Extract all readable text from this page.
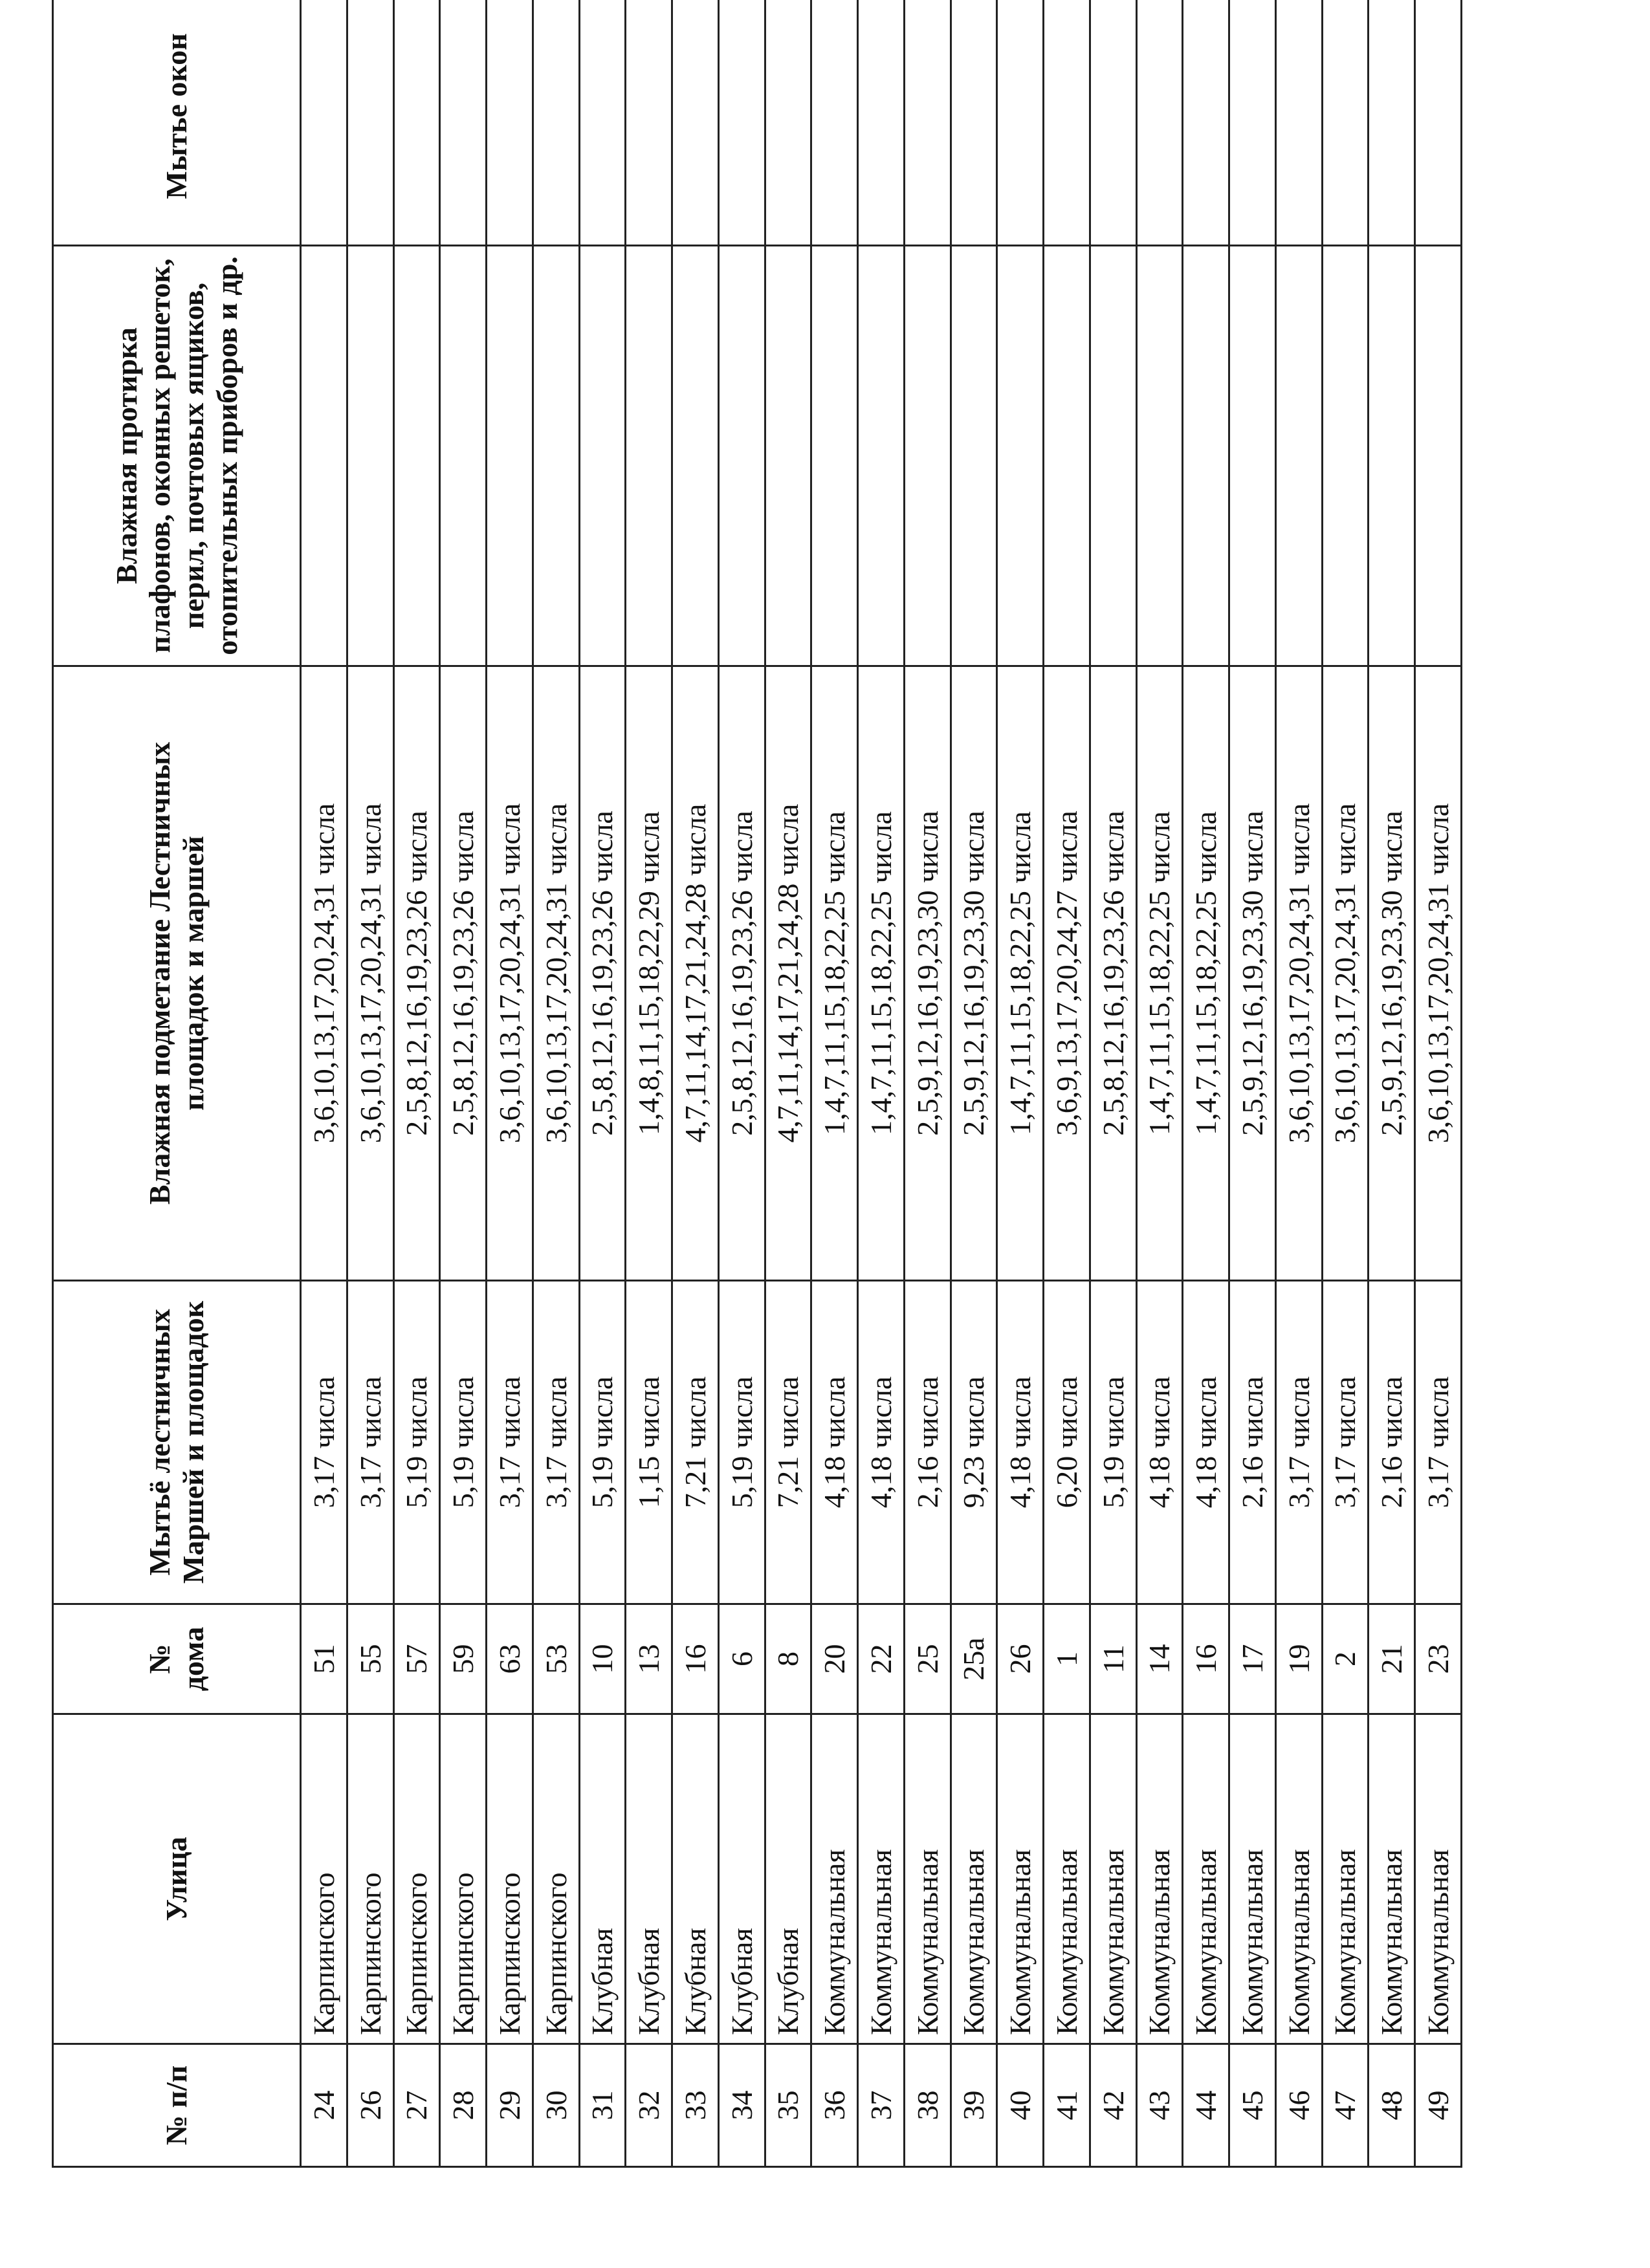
№ п/п	Улица	№ дома	Мытьё лестничных Маршей и площадок	Влажная подметание Лестничных площадок и маршей	Влажная протирка плафонов, оконных решеток, перил, почтовых ящиков, отопительных приборов и др.	Мытье окон
24	Карпинского	51	3,17 числа	3,6,10,13,17,20,24,31 числа		
26	Карпинского	55	3,17 числа	3,6,10,13,17,20,24,31 числа		
27	Карпинского	57	5,19 числа	2,5,8,12,16,19,23,26 числа		
28	Карпинского	59	5,19 числа	2,5,8,12,16,19,23,26 числа		
29	Карпинского	63	3,17 числа	3,6,10,13,17,20,24,31 числа		
30	Карпинского	53	3,17 числа	3,6,10,13,17,20,24,31 числа		
31	Клубная	10	5,19 числа	2,5,8,12,16,19,23,26 числа		
32	Клубная	13	1,15 числа	1,4,8,11,15,18,22,29 числа		
33	Клубная	16	7,21 числа	4,7,11,14,17,21,24,28 числа		
34	Клубная	6	5,19 числа	2,5,8,12,16,19,23,26 числа		
35	Клубная	8	7,21 числа	4,7,11,14,17,21,24,28 числа		
36	Коммунальная	20	4,18 числа	1,4,7,11,15,18,22,25 числа		
37	Коммунальная	22	4,18 числа	1,4,7,11,15,18,22,25 числа		
38	Коммунальная	25	2,16 числа	2,5,9,12,16,19,23,30 числа		
39	Коммунальная	25а	9,23 числа	2,5,9,12,16,19,23,30 числа		
40	Коммунальная	26	4,18 числа	1,4,7,11,15,18,22,25 числа		
41	Коммунальная	1	6,20 числа	3,6,9,13,17,20,24,27 числа		
42	Коммунальная	11	5,19 числа	2,5,8,12,16,19,23,26 числа		
43	Коммунальная	14	4,18 числа	1,4,7,11,15,18,22,25 числа		
44	Коммунальная	16	4,18 числа	1,4,7,11,15,18,22,25 числа		
45	Коммунальная	17	2,16 числа	2,5,9,12,16,19,23,30 числа		
46	Коммунальная	19	3,17 числа	3,6,10,13,17,20,24,31 числа		
47	Коммунальная	2	3,17 числа	3,6,10,13,17,20,24,31 числа		
48	Коммунальная	21	2,16 числа	2,5,9,12,16,19,23,30 числа		
49	Коммунальная	23	3,17 числа	3,6,10,13,17,20,24,31 числа		
